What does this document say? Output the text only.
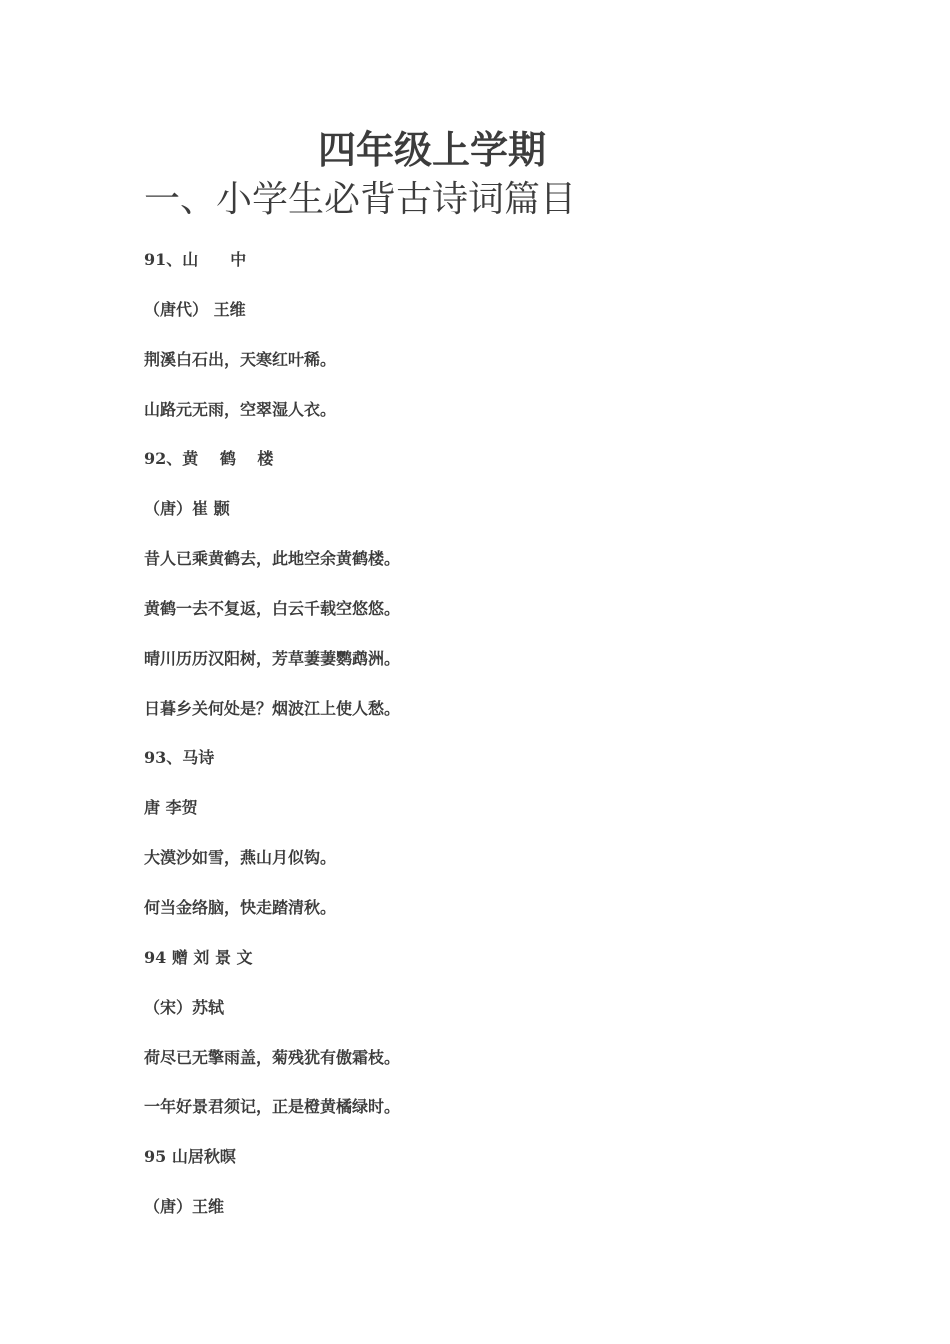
四年级上学期
一、小学生必背古诗词篇目
91、山　　中
（唐代） 王维
荆溪白石出，天寒红叶稀。
山路元无雨，空翠湿人衣。
92、黄　 鹤　 楼
（唐）崔 颢
昔人已乘黄鹤去，此地空余黄鹤楼。
黄鹤一去不复返，白云千载空悠悠。
晴川历历汉阳树，芳草萋萋鹦鹉洲。
日暮乡关何处是？烟波江上使人愁。
93、马诗
唐 李贺
大漠沙如雪，燕山月似钩。
何当金络脑，快走踏清秋。
94 赠 刘 景 文
（宋）苏轼
荷尽已无擎雨盖，菊残犹有傲霜枝。
一年好景君须记，正是橙黄橘绿时。
95 山居秋暝
（唐）王维
